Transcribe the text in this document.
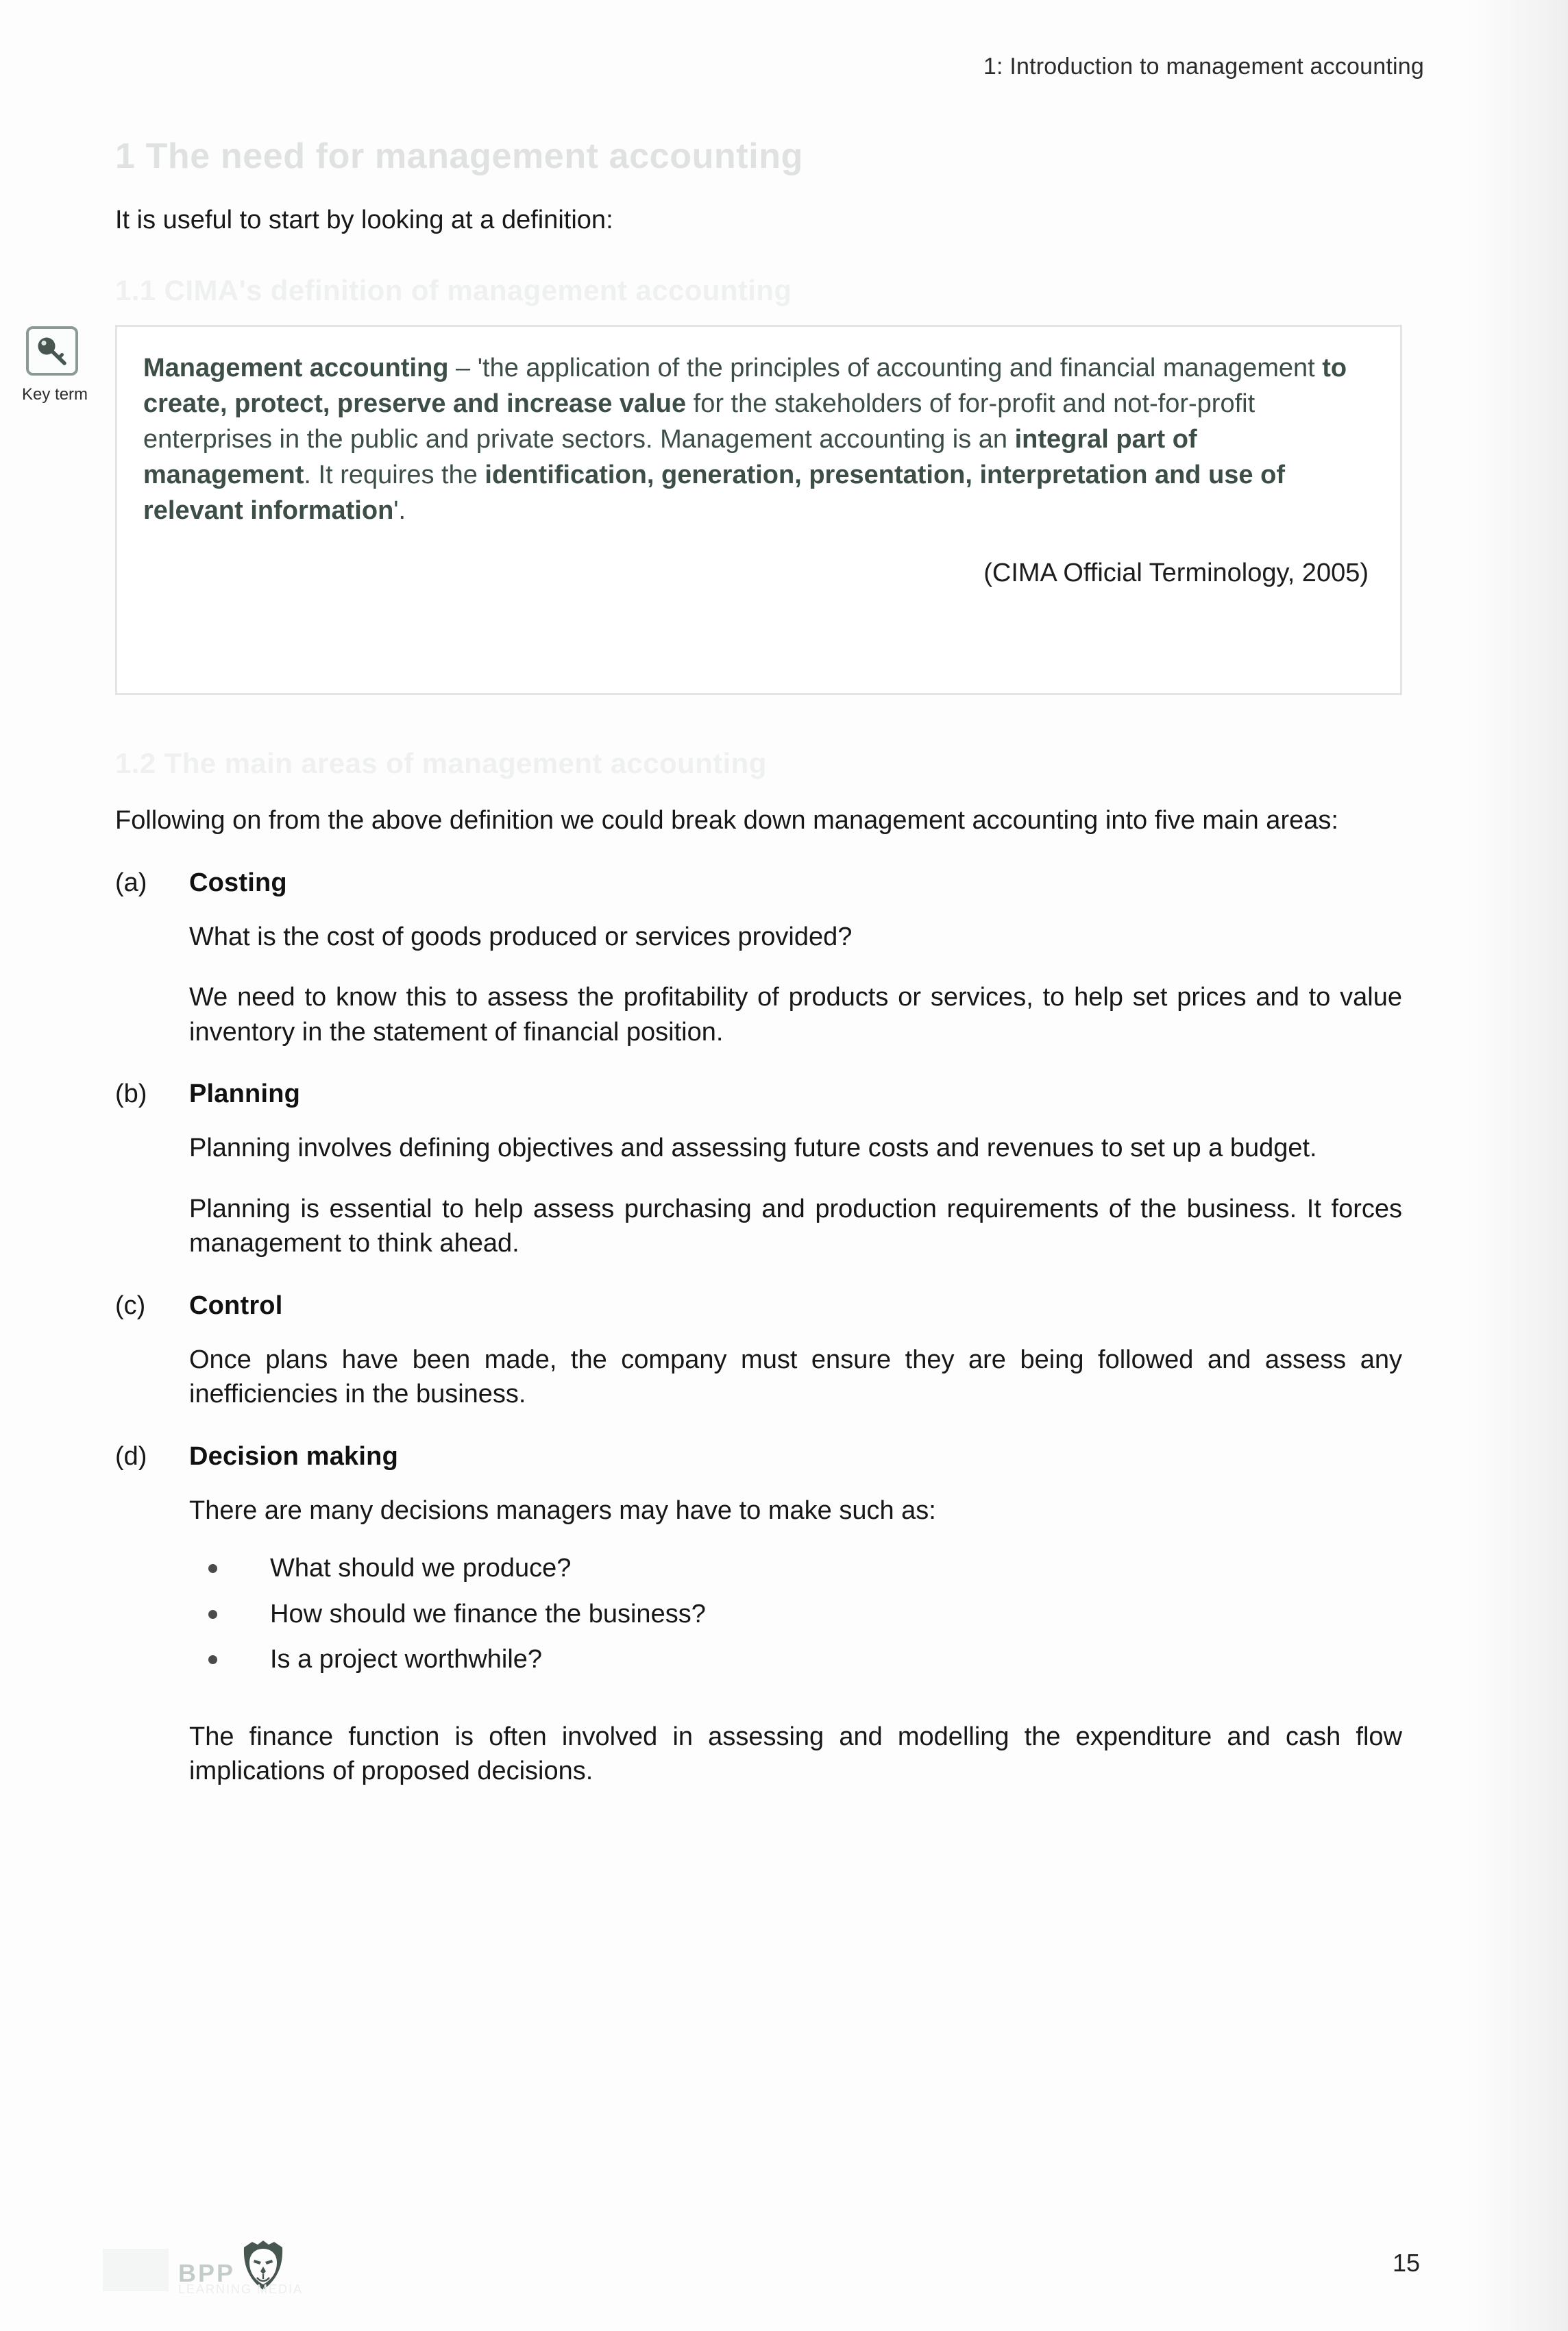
1: Introduction to management accounting
1 The need for management accounting
It is useful to start by looking at a definition:
1.1 CIMA's definition of management accounting
Key term
Management accounting – 'the application of the principles of accounting and financial management to create, protect, preserve and increase value for the stakeholders of for-profit and not-for-profit enterprises in the public and private sectors. Management accounting is an integral part of management. It requires the identification, generation, presentation, interpretation and use of relevant information'.
(CIMA Official Terminology, 2005)
1.2 The main areas of management accounting

Following on from the above definition we could break down management accounting into five main areas:

(a)	Costing

What is the cost of goods produced or services provided?

We need to know this to assess the profitability of products or services, to help set prices and to value inventory in the statement of financial position.

(b)	Planning

Planning involves defining objectives and assessing future costs and revenues to set up a budget.

Planning is essential to help assess purchasing and production requirements of the business. It forces management to think ahead.

(c)	Control

Once plans have been made, the company must ensure they are being followed and assess any inefficiencies in the business.

(d)	Decision making

There are many decisions managers may have to make such as:

What should we produce?
How should we finance the business?
Is a project worthwhile?

The finance function is often involved in assessing and modelling the expenditure and cash flow implications of proposed decisions.

BPP
LEARNING MEDIA
15
